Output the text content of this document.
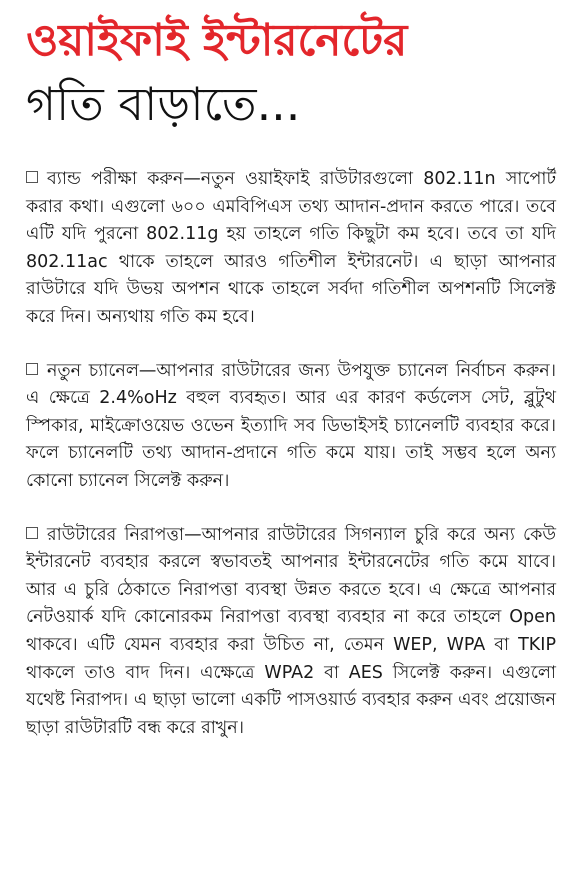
ওয়াইফাই ইন্টারনেটের
গতি বাড়াতে...

ব্যান্ড পরীক্ষা করুন—নতুন ওয়াইফাই রাউটারগুলো 802.11n সাপোর্ট করার কথা। এগুলো ৬০০ এমবিপিএস তথ্য আদান-প্রদান করতে পারে। তবে এটি যদি পুরনো 802.11g হয় তাহলে গতি কিছুটা কম হবে। তবে তা যদি 802.11ac থাকে তাহলে আরও গতিশীল ইন্টারনেট। এ ছাড়া আপনার রাউটারে যদি উভয় অপশন থাকে তাহলে সর্বদা গতিশীল অপশনটি সিলেক্ট করে দিন। অন্যথায় গতি কম হবে।

নতুন চ্যানেল—আপনার রাউটারের জন্য উপযুক্ত চ্যানেল নির্বাচন করুন। এ ক্ষেত্রে 2.4%oHz বহুল ব্যবহৃত। আর এর কারণ কর্ডলেস সেট, ব্লুটুথ স্পিকার, মাইক্রোওয়েভ ওভেন ইত্যাদি সব ডিভাইসই চ্যানেলটি ব্যবহার করে। ফলে চ্যানেলটি তথ্য আদান-প্রদানে গতি কমে যায়। তাই সম্ভব হলে অন্য কোনো চ্যানেল সিলেক্ট করুন।

রাউটারের নিরাপত্তা—আপনার রাউটারের সিগন্যাল চুরি করে অন্য কেউ ইন্টারনেট ব্যবহার করলে স্বভাবতই আপনার ইন্টারনেটের গতি কমে যাবে। আর এ চুরি ঠেকাতে নিরাপত্তা ব্যবস্থা উন্নত করতে হবে। এ ক্ষেত্রে আপনার নেটওয়ার্ক যদি কোনোরকম নিরাপত্তা ব্যবস্থা ব্যবহার না করে তাহলে Open থাকবে। এটি যেমন ব্যবহার করা উচিত না, তেমন WEP, WPA বা TKIP থাকলে তাও বাদ দিন। এক্ষেত্রে WPA2 বা AES সিলেক্ট করুন। এগুলো যথেষ্ট নিরাপদ। এ ছাড়া ভালো একটি পাসওয়ার্ড ব্যবহার করুন এবং প্রয়োজন ছাড়া রাউটারটি বন্ধ করে রাখুন।
